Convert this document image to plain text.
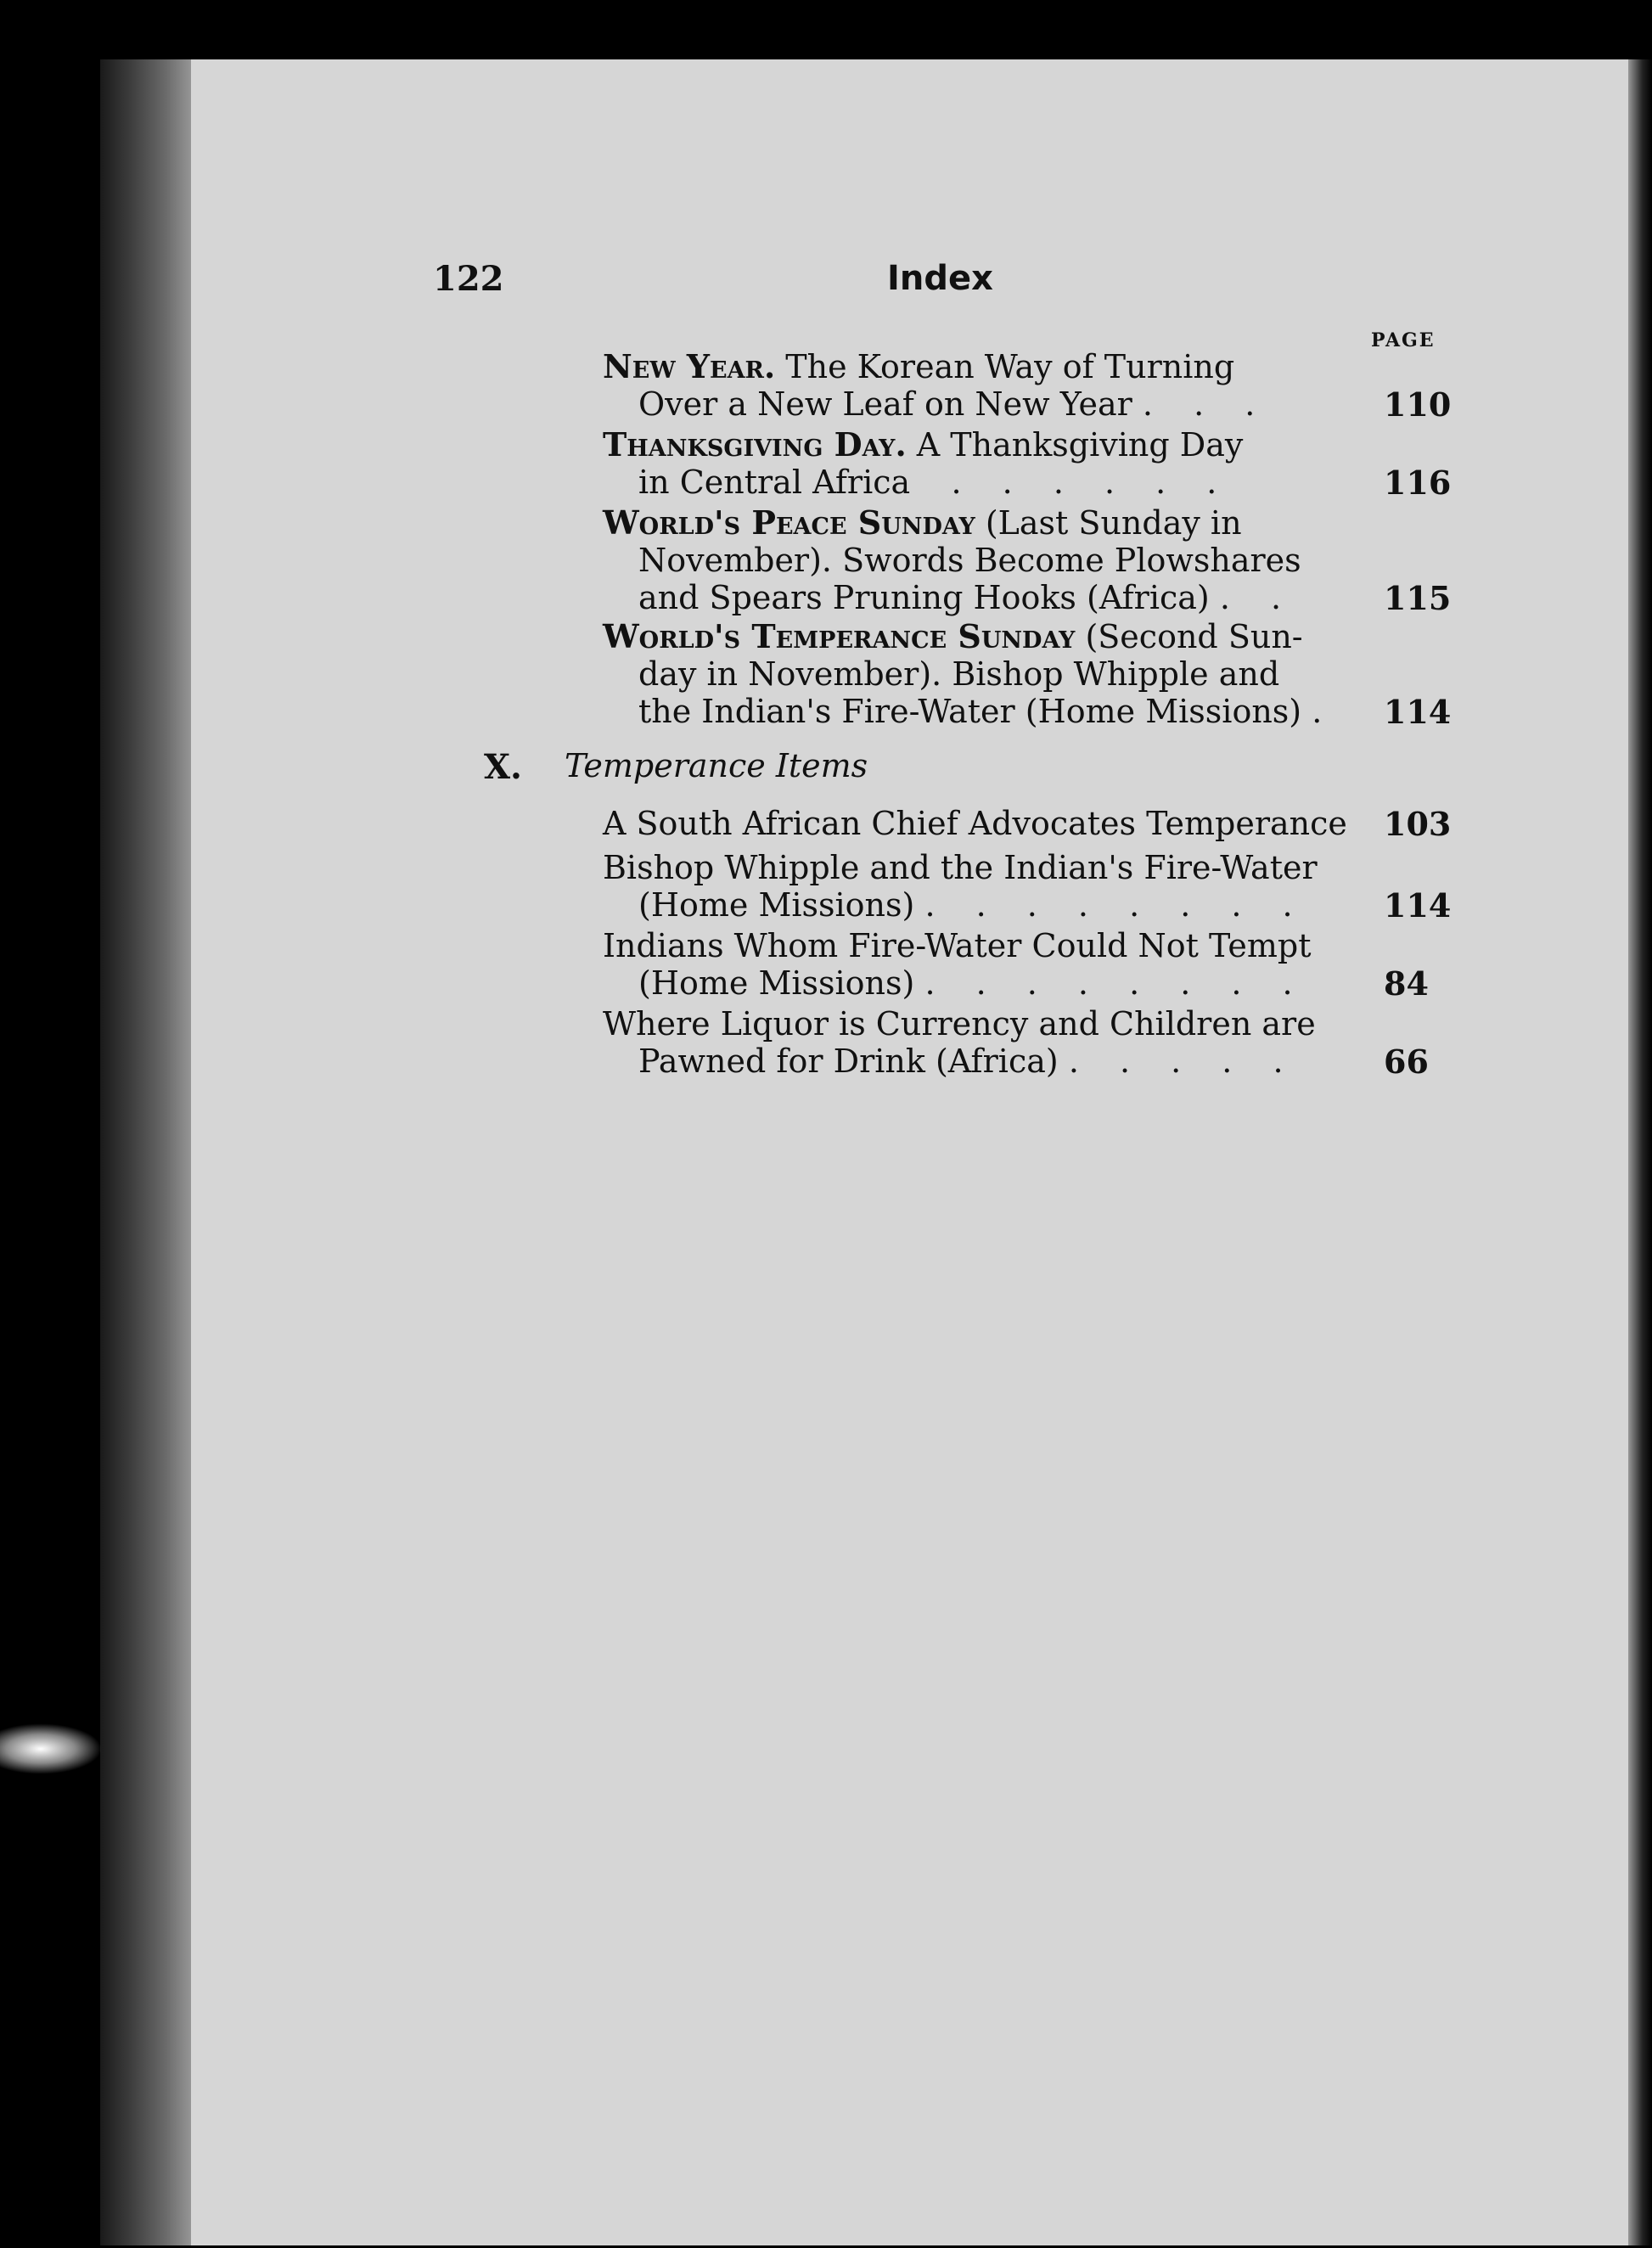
122	Index
PAGE
New Year. The Korean Way of Turning
Over a New Leaf on New Year . . .	110
Thanksgiving Day. A Thanksgiving Day
in Central Africa . . . . . .	116
World's Peace Sunday (Last Sunday in
November). Swords Become Plowshares
and Spears Pruning Hooks (Africa) . .	115
World's Temperance Sunday (Second Sun-
day in November). Bishop Whipple and
the Indian's Fire-Water (Home Missions) .	114
X. Temperance Items
A South African Chief Advocates Temperance	103
Bishop Whipple and the Indian's Fire-Water
(Home Missions) . . . . . . . .	114
Indians Whom Fire-Water Could Not Tempt
(Home Missions) . . . . . . . .	84
Where Liquor is Currency and Children are
Pawned for Drink (Africa) . . . . .	66
